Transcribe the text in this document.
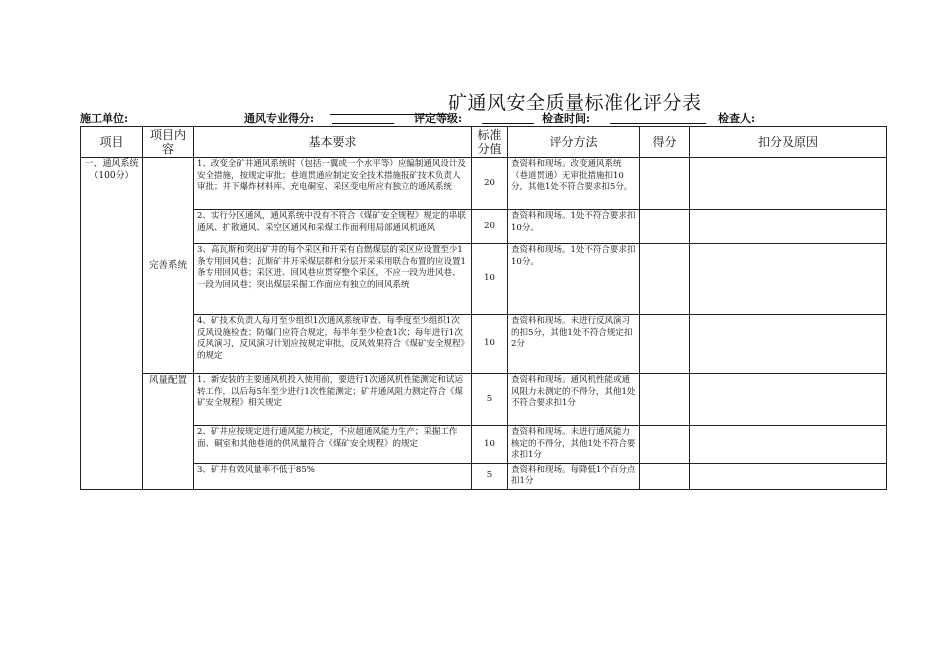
矿通风安全质量标准化评分表
施工单位:	通风专业得分:	评定等级:	检查时间:	检查人:
项目	项目内容	基本要求	标准分值	评分方法	得分	扣分及原因
一、通风系统（100分）	完善系统	1、改变全矿井通风系统时（包括一翼或一个水平等）应编制通风设计及安全措施，按规定审批；巷道贯通应制定安全技术措施报矿技术负责人审批；井下爆炸材料库、充电硐室、采区变电所应有独立的通风系统	20	查资料和现场。改变通风系统（巷道贯通）无审批措施扣10分，其他1处不符合要求扣5分。		
		2、实行分区通风，通风系统中没有不符合《煤矿安全规程》规定的串联通风、扩散通风、采空区通风和采煤工作面利用局部通风机通风	20	查资料和现场。1处不符合要求扣10分。		
		3、高瓦斯和突出矿井的每个采区和开采有自燃煤层的采区应设置至少1条专用回风巷；瓦斯矿井开采煤层群和分层开采采用联合布置的应设置1条专用回风巷；采区进、回风巷应贯穿整个采区，不应一段为进风巷、一段为回风巷；突出煤层采掘工作面应有独立的回风系统	10	查资料和现场。1处不符合要求扣10分。		
		4、矿技术负责人每月至少组织1次通风系统审查、每季度至少组织1次反风设施检查；防爆门应符合规定，每半年至少检查1次；每年进行1次反风演习，反风演习计划应按规定审批，反风效果符合《煤矿安全规程》的规定	10	查资料和现场。未进行反风演习的扣5分，其他1处不符合规定扣2分		
	风量配置	1、新安装的主要通风机投入使用前，要进行1次通风机性能测定和试运转工作，以后每5年至少进行1次性能测定；矿井通风阻力测定符合《煤矿安全规程》相关规定	5	查资料和现场。通风机性能或通风阻力未测定的不得分，其他1处不符合要求扣1分		
		2、矿井应按规定进行通风能力核定，不应超通风能力生产；采掘工作面、硐室和其他巷道的供风量符合《煤矿安全规程》的规定	10	查资料和现场。未进行通风能力核定的不得分，其他1处不符合要求扣1分		
		3、矿井有效风量率不低于85%	5	查资料和现场。每降低1个百分点扣1分		
